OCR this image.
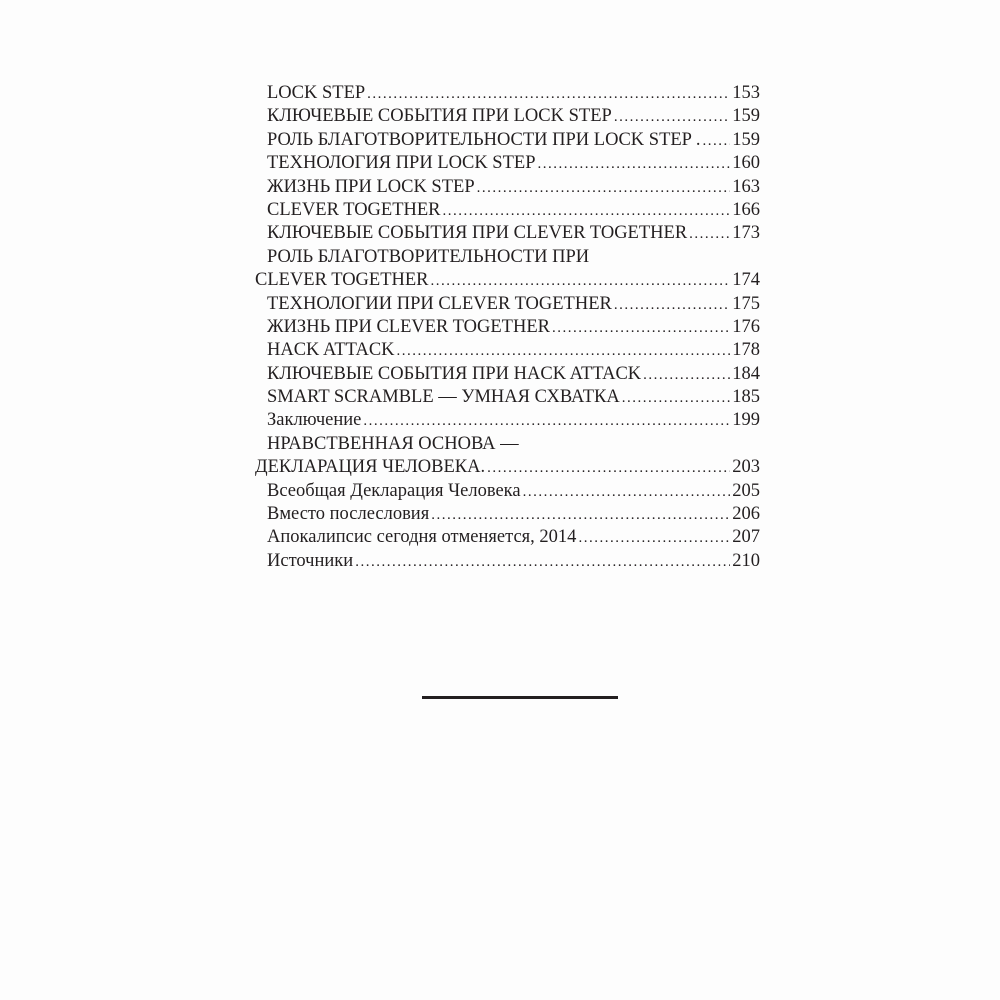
LOCK STEP .....	153
КЛЮЧЕВЫЕ СОБЫТИЯ ПРИ LOCK STEP .....	159
РОЛЬ БЛАГОТВОРИТЕЛЬНОСТИ ПРИ LOCK STEP . ..... 159
ТЕХНОЛОГИЯ ПРИ LOCK STEP .....	160
ЖИЗНЬ ПРИ LOCK STEP .....	163
CLEVER TOGETHER .....	166
КЛЮЧЕВЫЕ СОБЫТИЯ ПРИ CLEVER TOGETHER ..... 173
РОЛЬ БЛАГОТВОРИТЕЛЬНОСТИ ПРИ
CLEVER TOGETHER .....	174
ТЕХНОЛОГИИ ПРИ CLEVER TOGETHER .....	175
ЖИЗНЬ ПРИ CLEVER TOGETHER .....	176
HACK ATTACK .....	178
КЛЮЧЕВЫЕ СОБЫТИЯ ПРИ HACK ATTACK .....	184
SMART SCRAMBLE — УМНАЯ СХВАТКА .....	185
Заключение .....	199
НРАВСТВЕННАЯ ОСНОВА —
ДЕКЛАРАЦИЯ ЧЕЛОВЕКА. .....	203
Всеобщая Декларация Человека .....	205
Вместо послесловия .....	206
Апокалипсис сегодня отменяется, 2014 .....	207
Источники .....	210
